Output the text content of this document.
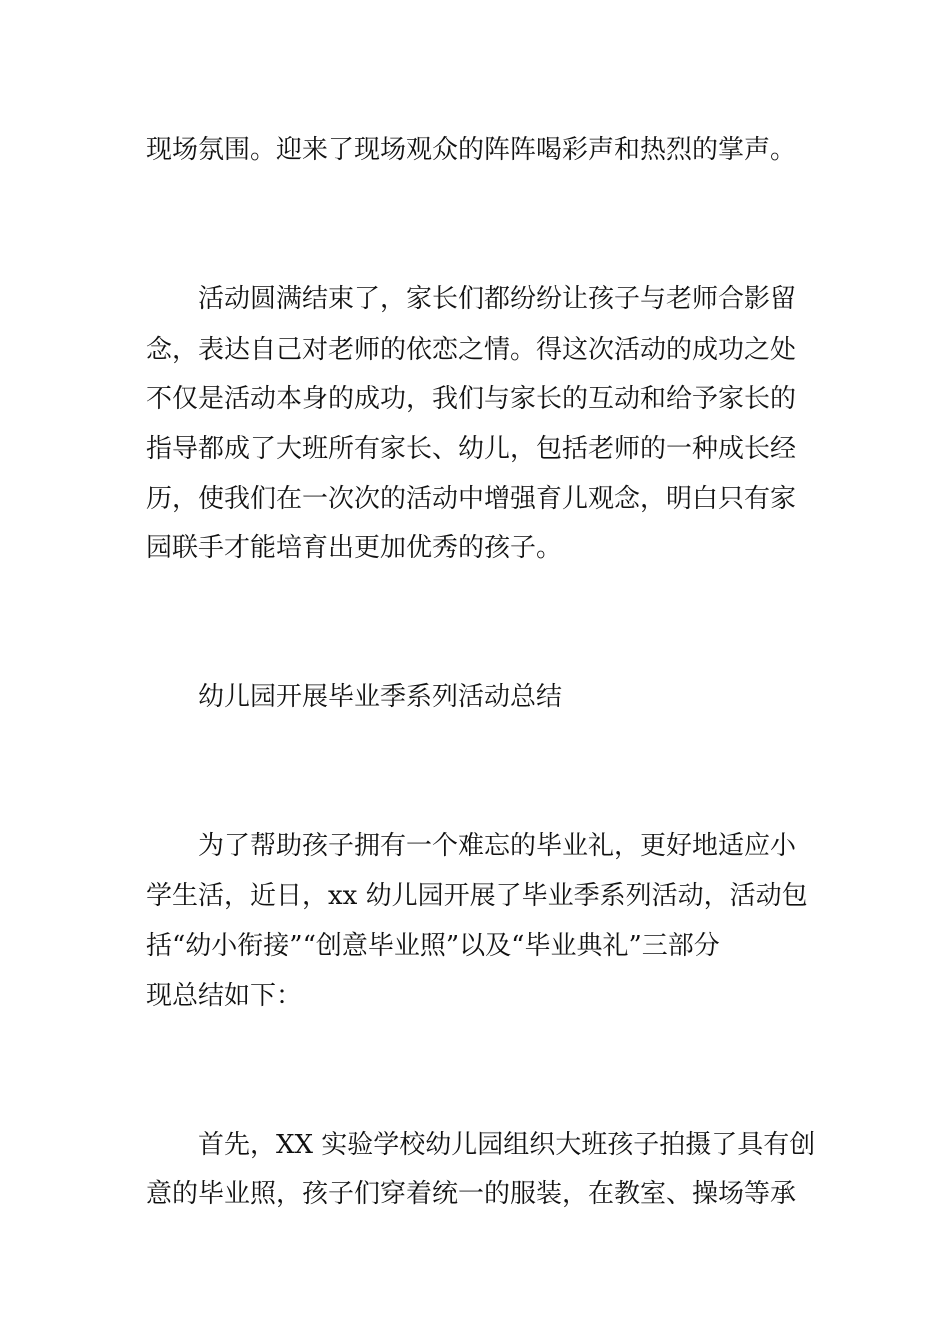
现场氛围。迎来了现场观众的阵阵喝彩声和热烈的掌声。
活动圆满结束了，家长们都纷纷让孩子与老师合影留
念，表达自己对老师的依恋之情。得这次活动的成功之处
不仅是活动本身的成功，我们与家长的互动和给予家长的
指导都成了大班所有家长、幼儿，包括老师的一种成长经
历，使我们在一次次的活动中增强育儿观念，明白只有家
园联手才能培育出更加优秀的孩子。
幼儿园开展毕业季系列活动总结
为了帮助孩子拥有一个难忘的毕业礼，更好地适应小
学生活，近日，xx 幼儿园开展了毕业季系列活动，活动包
括“幼小衔接”“创意毕业照”以及“毕业典礼”三部分
现总结如下：
首先，XX 实验学校幼儿园组织大班孩子拍摄了具有创
意的毕业照，孩子们穿着统一的服装，在教室、操场等承
